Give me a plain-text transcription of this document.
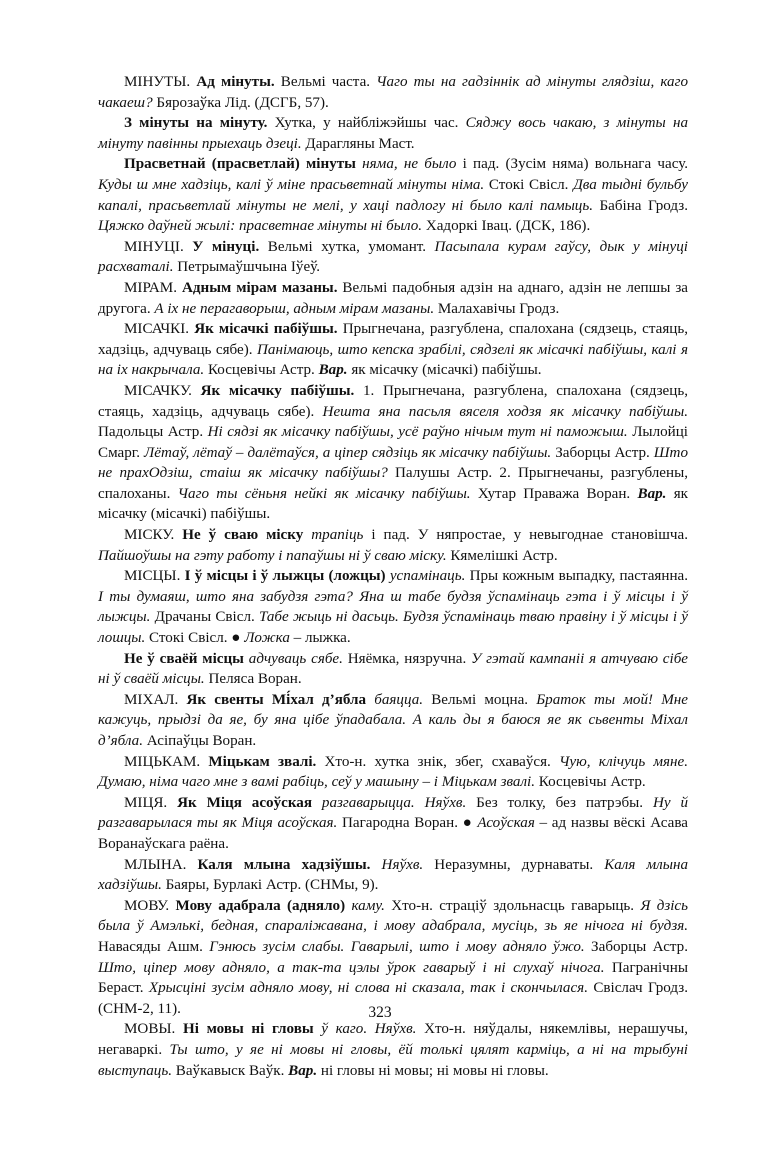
МІНУТЫ. Ад мінуты. Вельмі часта. Чаго ты на гадзіннік ад мінуты глядзіш, каго чакаеш? Бярозаўка Лід. (ДСГБ, 57).

З мінуты на мінуту. Хутка, у найбліжэйшы час. Сяджу вось чакаю, з мінуты на мінуту павінны прыехаць дзеці. Дарагляны Маст.

Прасветнай (прасветлай) мінуты няма, не было і пад. (Зусім няма) вольнага часу. Куды ш мне хадзіць, калі ў міне прасьветнай мінуты німа. Стокі Свісл. Два тыдні бульбу капалі, прасьветлай мінуты не мелі, у хаці падлогу ні было калі памыць. Бабіна Гродз. Цяжко даўней жылі: прасветнае мінуты ні было. Хадоркі Івац. (ДСК, 186).

МІНУЦІ. У мінуці. Вельмі хутка, умомант. Пасыпала курам гаўсу, дык у мінуці расхваталі. Петрымаўшчына Іўеў.

МІРАМ. Адным мірам мазаны. Вельмі падобныя адзін на аднаго, адзін не лепшы за другога. А іх не перагаворыш, адным мірам мазаны. Малахавічы Гродз.

МІСАЧКІ. Як місачкі пабіўшы. Прыгнечана, разгублена, спалохана (сядзець, стаяць, хадзіць, адчуваць сябе). Панімаюць, што кепска зрабілі, сядзелі як місачкі пабіўшы, калі я на іх накрычала. Косцевічы Астр. Вар. як місачку (місачкі) пабіўшы.

МІСАЧКУ. Як місачку пабіўшы. 1. Прыгнечана, разгублена, спалохана (сядзець, стаяць, хадзіць, адчуваць сябе). Нешта яна пасьля вяселя ходзя як місачку пабіўшы. Падольцы Астр. Ні сядзі як місачку пабіўшы, усё раўно нічым тут ні паможыш. Лылойці Смарг. Лётаў, лётаў – далётаўся, а ціпер сядзіць як місачку пабіўшы. Заборцы Астр. Што не прахОдзіш, стаіш як місачку пабіўшы? Палушы Астр. 2. Прыгнечаны, разгублены, спалоханы. Чаго ты сёньня нейкі як місачку пабіўшы. Хутар Праважа Воран. Вар. як місачку (місачкі) пабіўшы.

МІСКУ. Не ў сваю міску трапіць і пад. У няпростае, у невыгоднае становішча. Пайшоўшы на гэту работу і папаўшы ні ў сваю міску. Кямелішкі Астр.

МІСЦЫ. І ў місцы і ў лыжцы (ложцы) успамінаць. Пры кожным выпадку, пастаянна. І ты думаяш, што яна забудзя гэта? Яна ш табе будзя ўспамінаць гэта і ў місцы і ў лыжцы. Драчаны Свісл. Табе жыць ні дасьць. Будзя ўспамінаць тваю правіну і ў місцы і ў лошцы. Стокі Свісл. ● Ложка – лыжка.

Не ў сваёй місцы адчуваць сябе. Няёмка, нязручна. У гэтай кампаніі я атчуваю сібе ні ў сваёй місцы. Пеляса Воран.

МІХАЛ. Як свенты Мі́хал д’ябла баяцца. Вельмі моцна. Браток ты мой! Мне кажуць, прыдзі да яе, бу яна цібе ўпадабала. А каль ды я баюся яе як сьвенты Міхал д’ябла. Асіпаўцы Воран.

МІЦЬКАМ. Міцькам звалі. Хто-н. хутка знік, збег, схаваўся. Чую, клічуць мяне. Думаю, німа чаго мне з вамі рабіць, сеў у машыну – і Міцькам звалі. Косцевічы Астр.

МІЦЯ. Як Міця асоўская разгаварыцца. Няўхв. Без толку, без патрэбы. Ну й разгаварылася ты як Міця асоўская. Пагароднa Воран. ● Асоўская – ад назвы вёскі Асава Воранаўскага раёна.

МЛЫНА. Каля млына хадзіўшы. Няўхв. Неразумны, дурнаваты. Каля млына хадзіўшы. Баяры, Бурлакі Астр. (СНМы, 9).

МОВУ. Мову адабрала (адняло) каму. Хто-н. страціў здольнасць гаварыць. Я дзісь была ў Амэлькі, бедная, спаралiжавана, і мову адабрала, мусіць, зь яе нічога ні будзя. Навасяды Ашм. Гэнюсь зусім слабы. Гаварылі, што і мову адняло ўжо. Заборцы Астр. Што, ціпер мову адняло, а так-та цэлы ўрок гаварыў і ні слухаў нічога. Пагранічны Бераст. Хрысціні зусім адняло мову, ні слова ні сказала, так і скончылася. Свіслач Гродз. (СНМ-2, 11).

МОВЫ. Ні мовы ні гловы ў каго. Няўхв. Хто-н. няўдалы, някемлівы, нерашучы, негаваркі. Ты што, у яе ні мовы ні гловы, ёй толькі цялят карміць, а ні на трыбуні выступаць. Ваўкавыск Ваўк. Вар. ні гловы ні мовы; ні мовы ні гловы.

323
